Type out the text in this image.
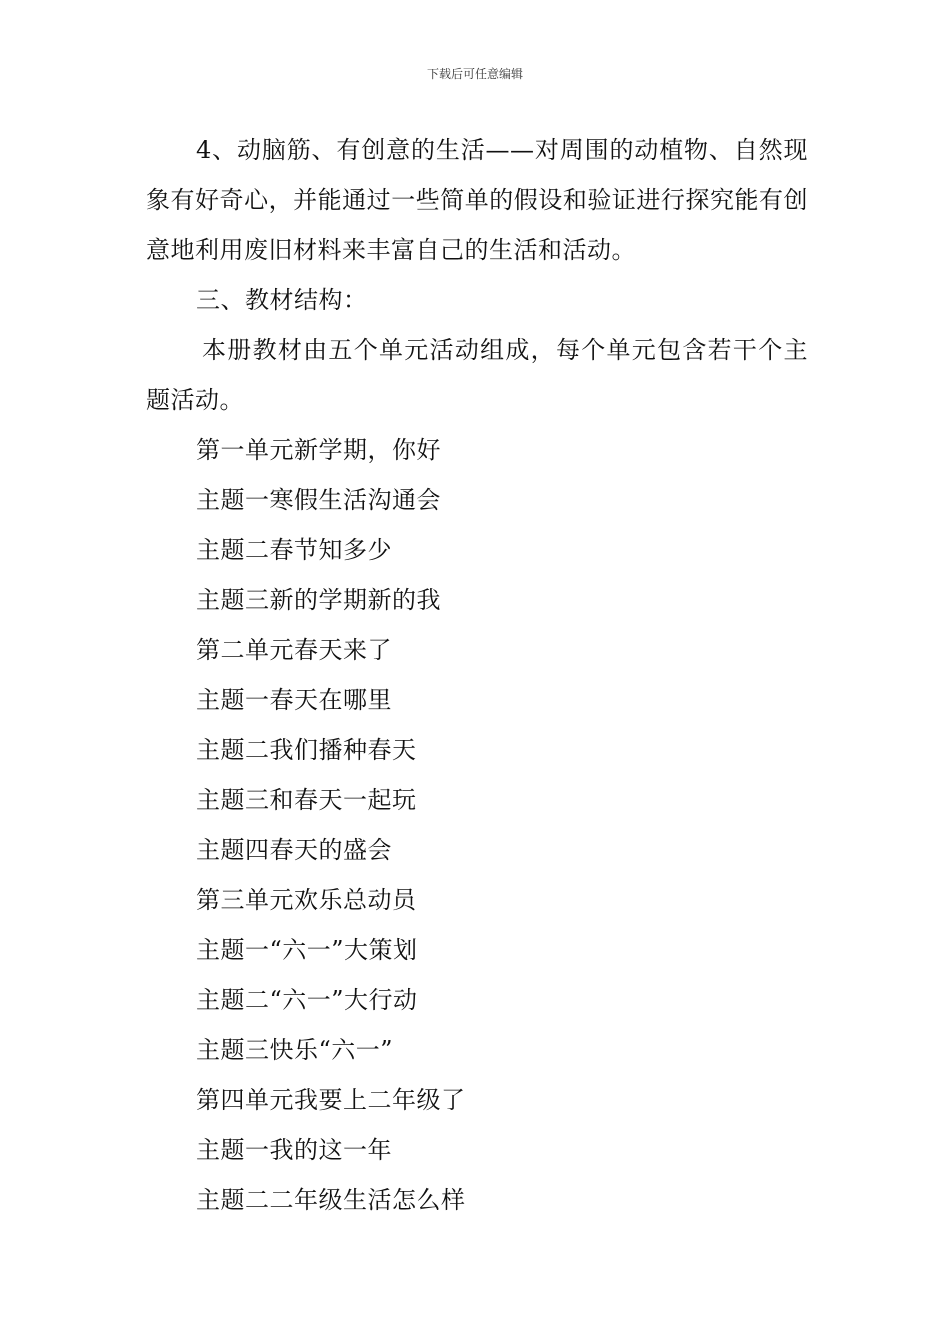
下载后可任意编辑

4、动脑筋、有创意的生活——对周围的动植物、自然现象有好奇心，并能通过一些简单的假设和验证进行探究能有创意地利用废旧材料来丰富自己的生活和活动。

三、教材结构：

本册教材由五个单元活动组成，每个单元包含若干个主题活动。

第一单元新学期，你好

主题一寒假生活沟通会

主题二春节知多少

主题三新的学期新的我

第二单元春天来了

主题一春天在哪里

主题二我们播种春天

主题三和春天一起玩

主题四春天的盛会

第三单元欢乐总动员

主题一“六一”大策划

主题二“六一”大行动

主题三快乐“六一”

第四单元我要上二年级了

主题一我的这一年

主题二二年级生活怎么样
